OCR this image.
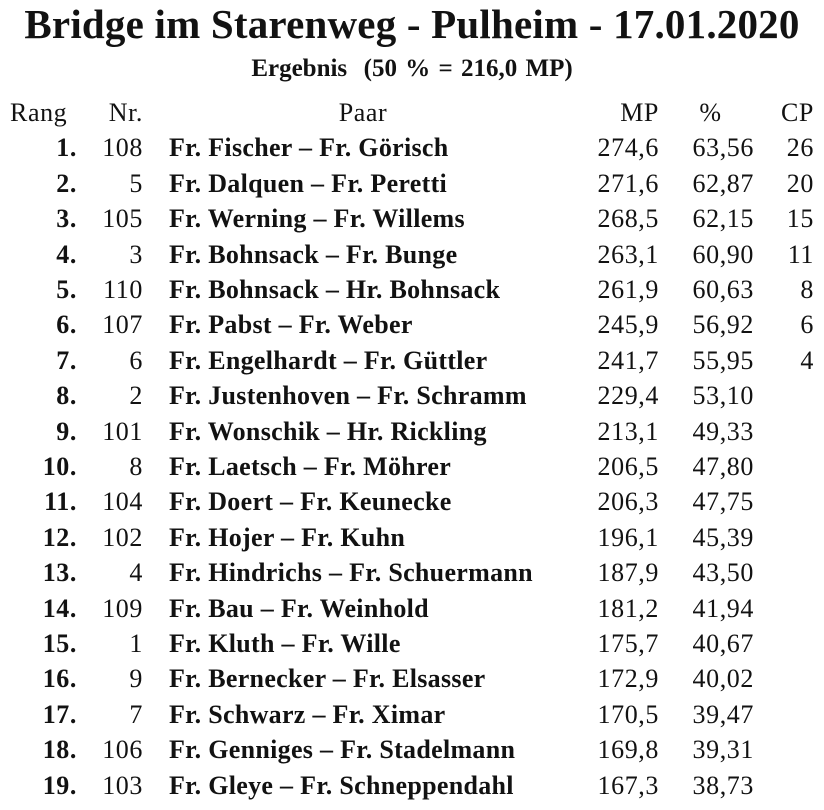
Bridge im Starenweg - Pulheim - 17.01.2020
Ergebnis  (50 % = 216,0 MP)
Rang	Nr.	Paar	MP	%	CP
1.	108	Fr. Fischer – Fr. Görisch	274,6	63,56	26
2.	5	Fr. Dalquen – Fr. Peretti	271,6	62,87	20
3.	105	Fr. Werning – Fr. Willems	268,5	62,15	15
4.	3	Fr. Bohnsack – Fr. Bunge	263,1	60,90	11
5.	110	Fr. Bohnsack – Hr. Bohnsack	261,9	60,63	8
6.	107	Fr. Pabst – Fr. Weber	245,9	56,92	6
7.	6	Fr. Engelhardt – Fr. Güttler	241,7	55,95	4
8.	2	Fr. Justenhoven – Fr. Schramm	229,4	53,10	
9.	101	Fr. Wonschik – Hr. Rickling	213,1	49,33	
10.	8	Fr. Laetsch – Fr. Möhrer	206,5	47,80	
11.	104	Fr. Doert – Fr. Keunecke	206,3	47,75	
12.	102	Fr. Hojer – Fr. Kuhn	196,1	45,39	
13.	4	Fr. Hindrichs – Fr. Schuermann	187,9	43,50	
14.	109	Fr. Bau – Fr. Weinhold	181,2	41,94	
15.	1	Fr. Kluth – Fr. Wille	175,7	40,67	
16.	9	Fr. Bernecker – Fr. Elsasser	172,9	40,02	
17.	7	Fr. Schwarz – Fr. Ximar	170,5	39,47	
18.	106	Fr. Genniges – Fr. Stadelmann	169,8	39,31	
19.	103	Fr. Gleye – Fr. Schneppendahl	167,3	38,73	
